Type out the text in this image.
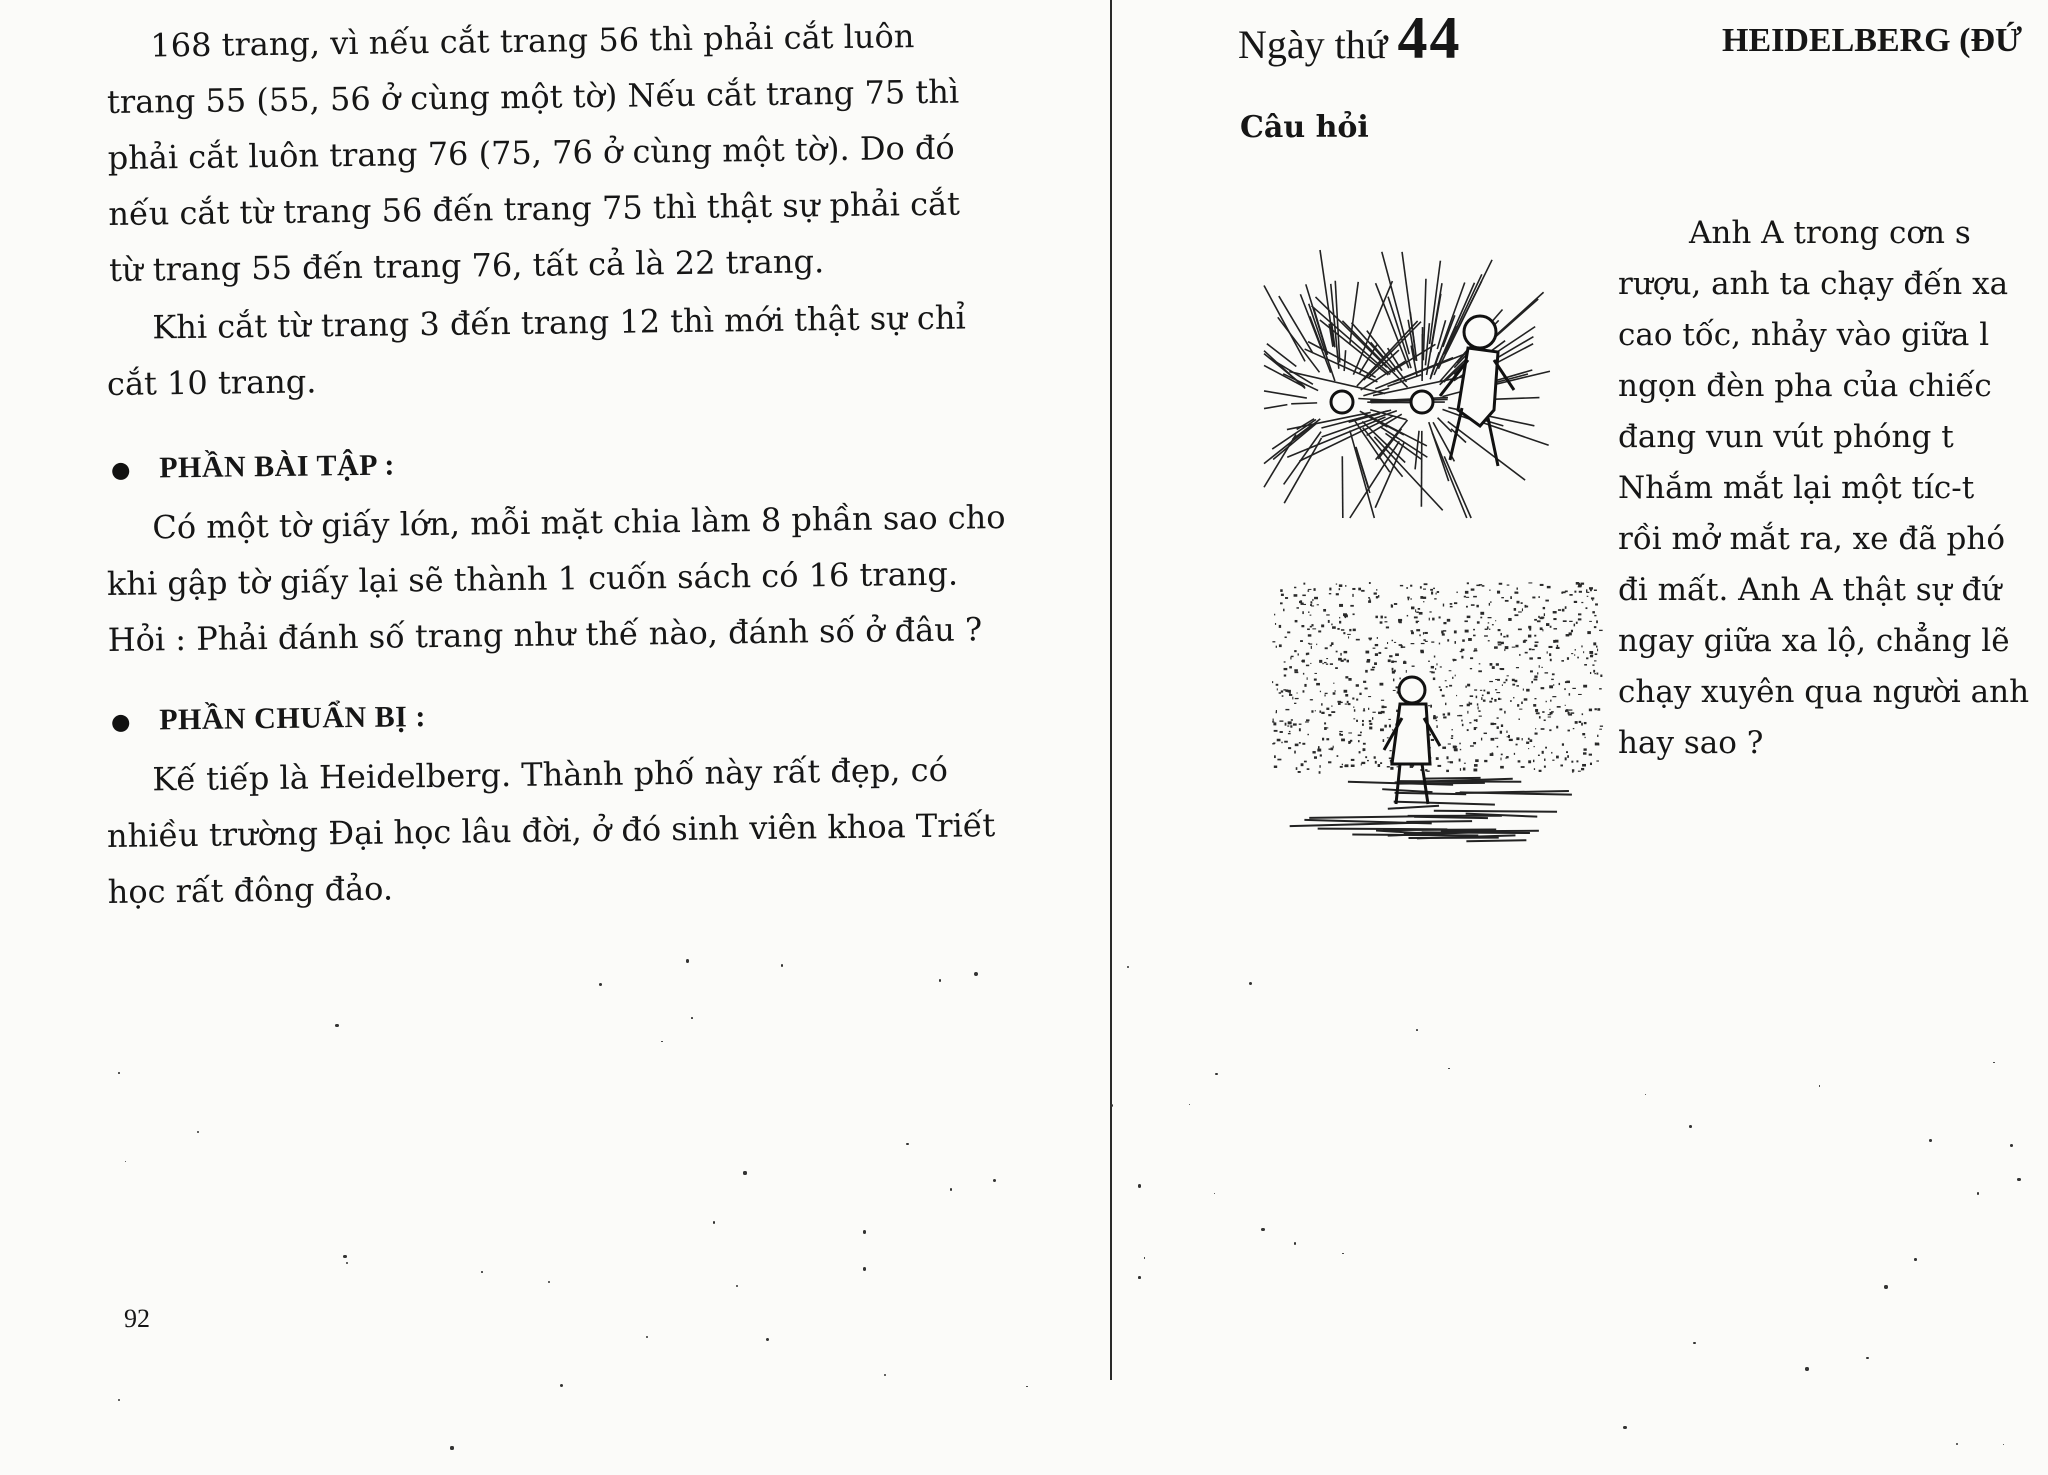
168 trang, vì nếu cắt trang 56 thì phải cắt luôn
trang 55 (55, 56 ở cùng một tờ) Nếu cắt trang 75 thì
phải cắt luôn trang 76 (75, 76 ở cùng một tờ). Do đó
nếu cắt từ trang 56 đến trang 75 thì thật sự phải cắt
từ trang 55 đến trang 76, tất cả là 22 trang.
Khi cắt từ trang 3 đến trang 12 thì mới thật sự chỉ
cắt 10 trang.
PHẦN BÀI TẬP :
Có một tờ giấy lớn, mỗi mặt chia làm 8 phần sao cho
khi gập tờ giấy lại sẽ thành 1 cuốn sách có 16 trang.
Hỏi : Phải đánh số trang như thế nào, đánh số ở đâu ?
PHẦN CHUẨN BỊ :
Kế tiếp là Heidelberg. Thành phố này rất đẹp, có
nhiều trường Đại học lâu đời, ở đó sinh viên khoa Triết
học rất đông đảo.
92
Ngày thứ 44	HEIDELBERG (ĐỨ
Câu hỏi
Anh A trong cơn s
rượu, anh ta chạy đến xa
cao tốc, nhảy vào giữa l
ngọn đèn pha của chiếc
đang vun vút phóng t
Nhắm mắt lại một tíc-t
rồi mở mắt ra, xe đã phó
đi mất. Anh A thật sự đứ
ngay giữa xa lộ, chẳng lẽ
chạy xuyên qua người anh
hay sao ?
